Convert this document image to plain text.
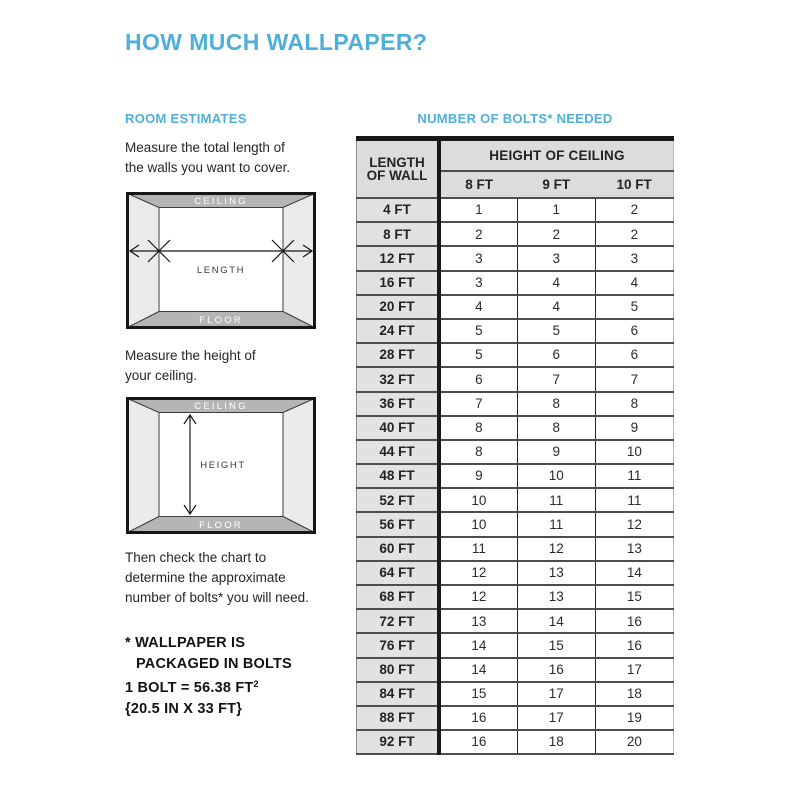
HOW MUCH WALLPAPER?
ROOM ESTIMATES

Measure the total length of
the walls you want to cover.

CEILING
FLOOR
LENGTH

Measure the height of
your ceiling.

CEILING
FLOOR
HEIGHT

Then check the chart to
determine the approximate
number of bolts* you will need.

* WALLPAPER IS
PACKAGED IN BOLTS

1 BOLT = 56.38 $FT^2$
{20.5 IN X 33 FT}

NUMBER OF BOLTS* NEEDED
LENGTH
OF WALL	HEIGHT OF CEILING		
	8 FT	9 FT	10 FT
4 FT	1	1	2
8 FT	2	2	2
12 FT	3	3	3
16 FT	3	4	4
20 FT	4	4	5
24 FT	5	5	6
28 FT	5	6	6
32 FT	6	7	7
36 FT	7	8	8
40 FT	8	8	9
44 FT	8	9	10
48 FT	9	10	11
52 FT	10	11	11
56 FT	10	11	12
60 FT	11	12	13
64 FT	12	13	14
68 FT	12	13	15
72 FT	13	14	16
76 FT	14	15	16
80 FT	14	16	17
84 FT	15	17	18
88 FT	16	17	19
92 FT	16	18	20
